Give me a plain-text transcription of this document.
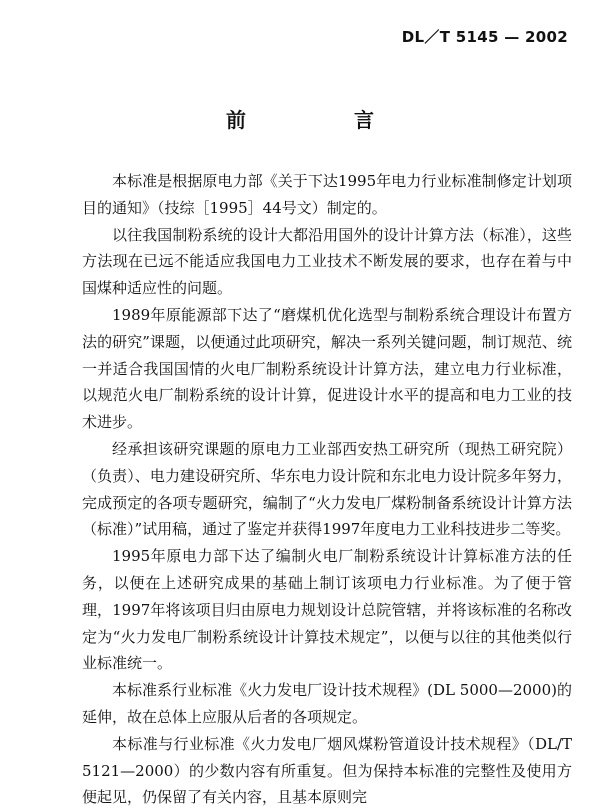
DL／T 5145 — 2002
前　言

本标准是根据原电力部《关于下达1995年电力行业标准制修定计划项目的通知》（技综［1995］44号文）制定的。

以往我国制粉系统的设计大都沿用国外的设计计算方法（标准），这些方法现在已远不能适应我国电力工业技术不断发展的要求，也存在着与中国煤种适应性的问题。

1989年原能源部下达了“磨煤机优化选型与制粉系统合理设计布置方法的研究”课题，以便通过此项研究，解决一系列关键问题，制订规范、统一并适合我国国情的火电厂制粉系统设计计算方法，建立电力行业标准，以规范火电厂制粉系统的设计计算，促进设计水平的提高和电力工业的技术进步。

经承担该研究课题的原电力工业部西安热工研究所（现热工研究院）（负责）、电力建设研究所、华东电力设计院和东北电力设计院多年努力，完成预定的各项专题研究，编制了“火力发电厂煤粉制备系统设计计算方法（标准）”试用稿，通过了鉴定并获得1997年度电力工业科技进步二等奖。

1995年原电力部下达了编制火电厂制粉系统设计计算标准方法的任务，以便在上述研究成果的基础上制订该项电力行业标准。为了便于管理，1997年将该项目归由原电力规划设计总院管辖，并将该标准的名称改定为“火力发电厂制粉系统设计计算技术规定”，以便与以往的其他类似行业标准统一。

本标准系行业标准《火力发电厂设计技术规程》(DL 5000—2000)的延伸，故在总体上应服从后者的各项规定。

本标准与行业标准《火力发电厂烟风煤粉管道设计技术规程》（DL/T 5121—2000）的少数内容有所重复。但为保持本标准的完整性及使用方便起见，仍保留了有关内容，且基本原则完
